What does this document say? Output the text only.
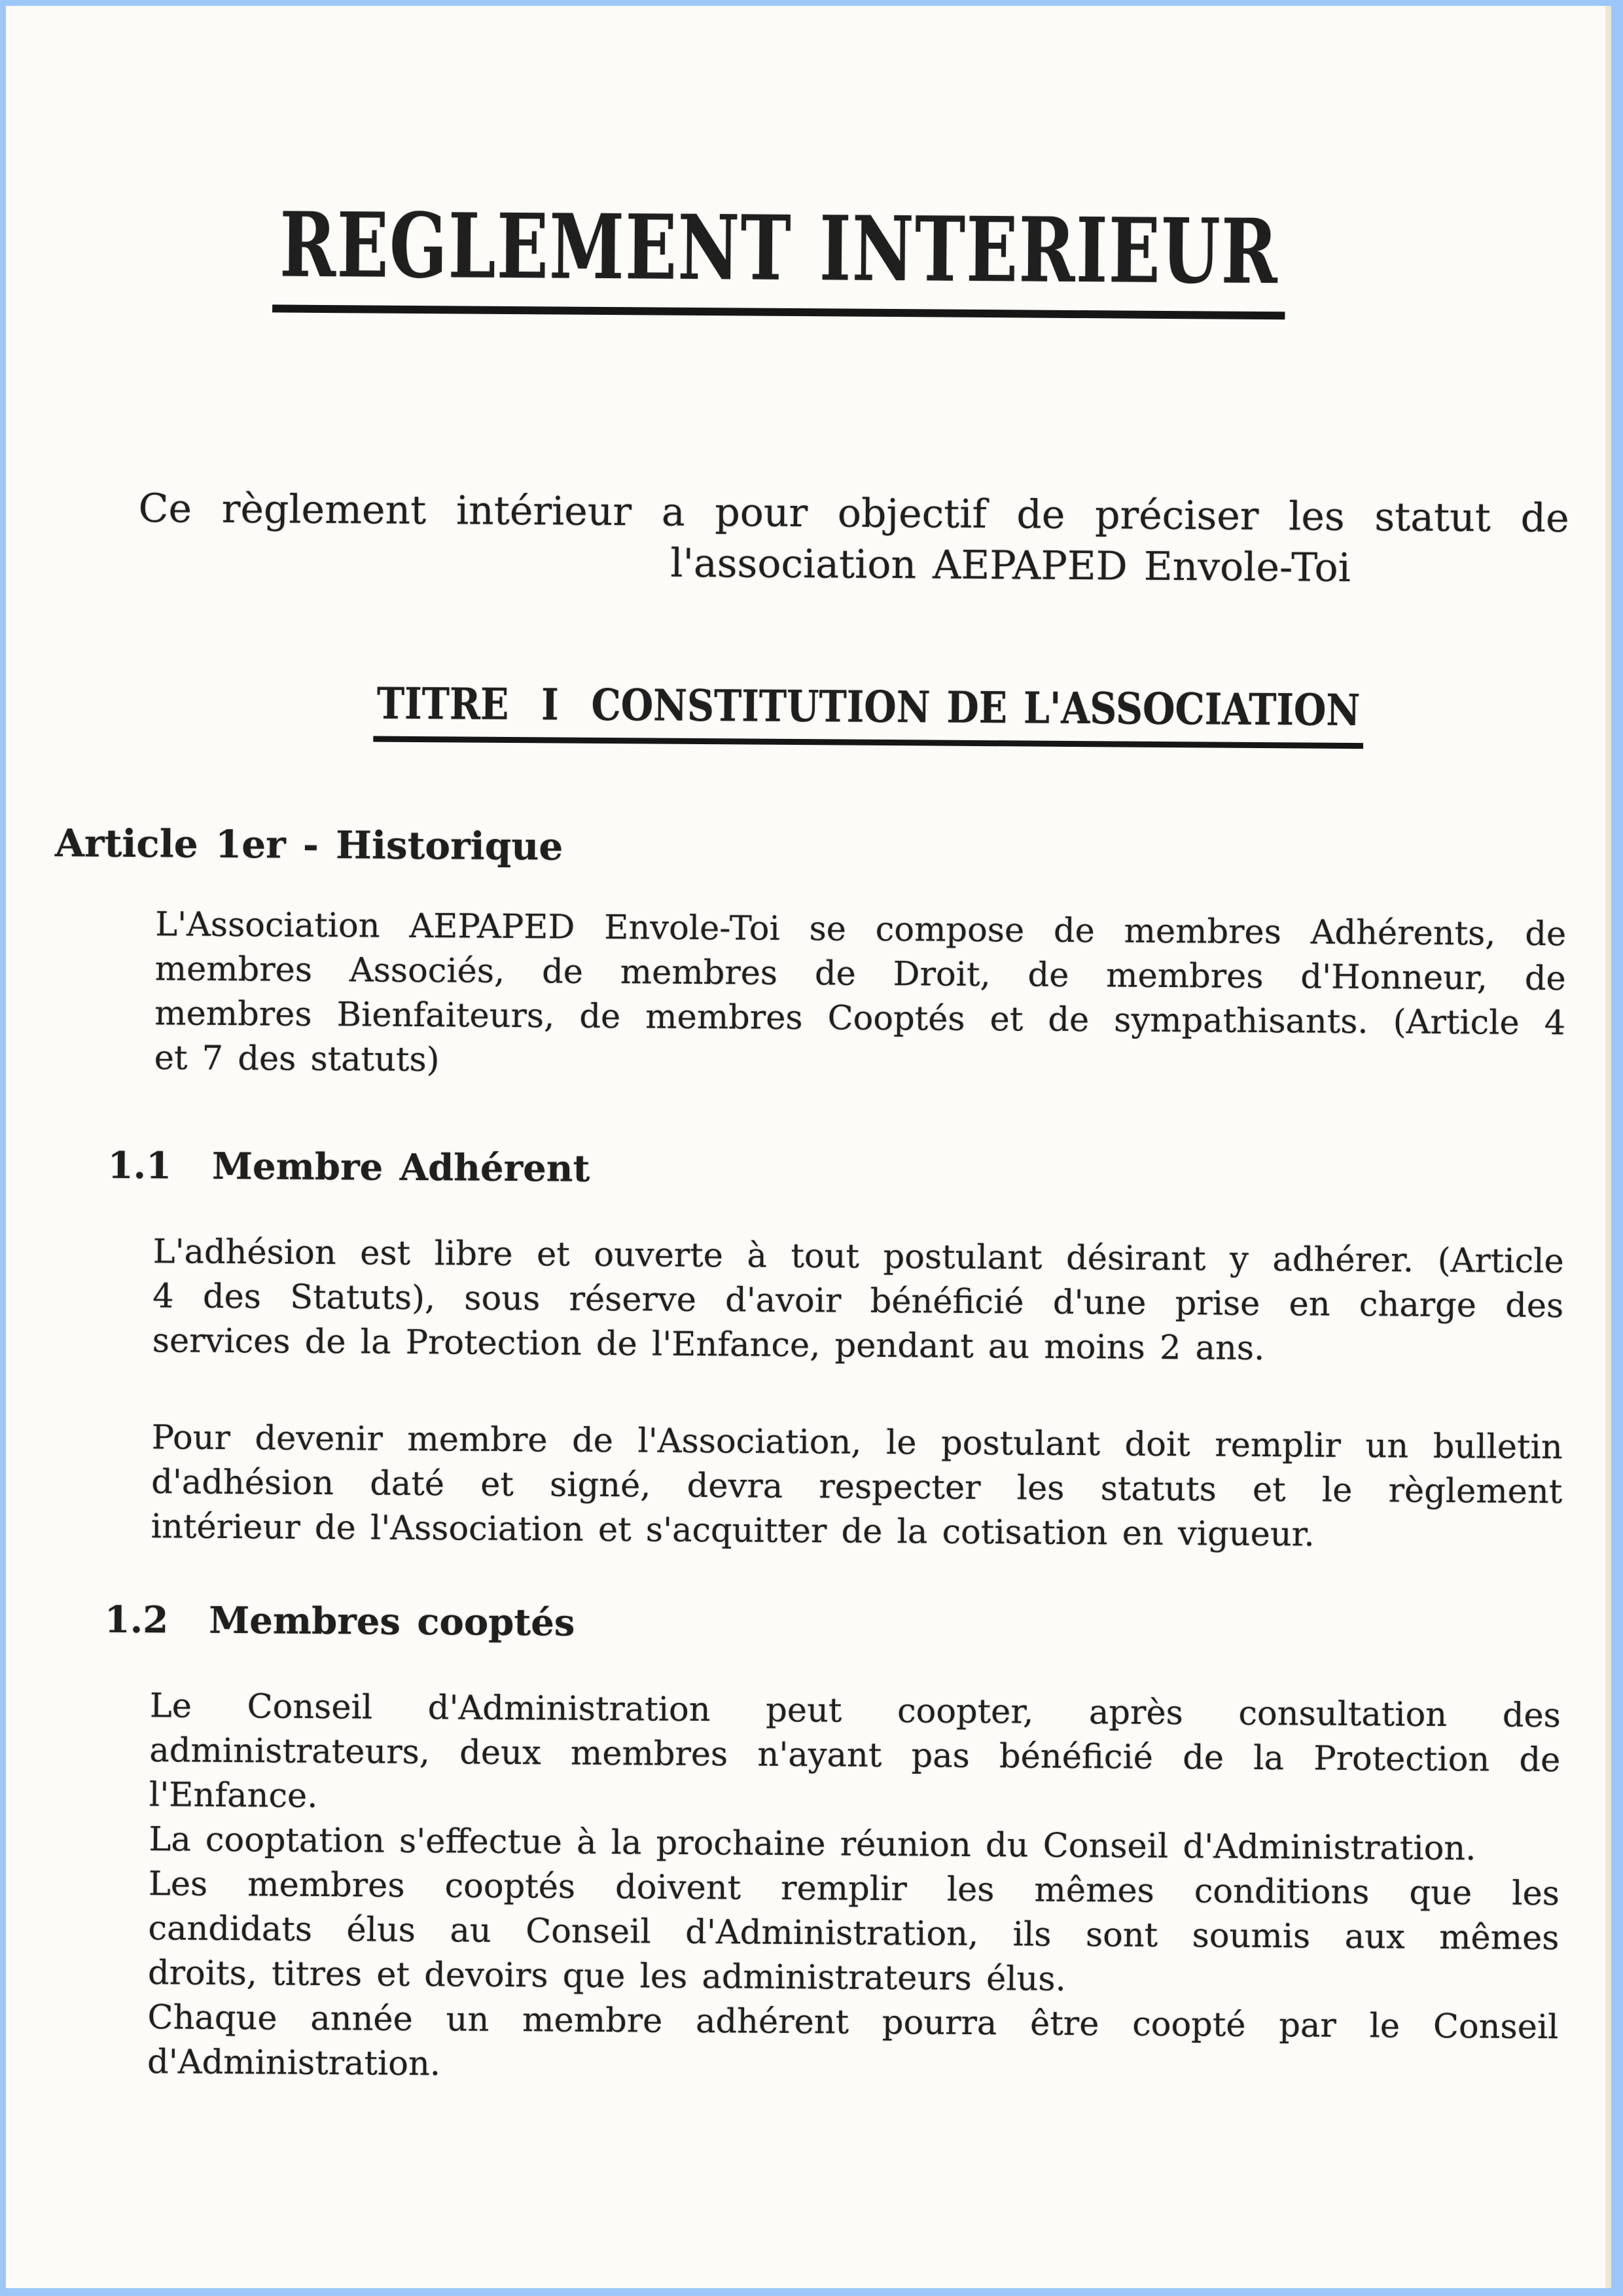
REGLEMENT INTERIEUR
Ce règlement intérieur a pour objectif de préciser les statut de
l'association AEPAPED Envole-Toi
TITRE  I  CONSTITUTION DE L'ASSOCIATION
Article 1er - Historique
L'Association AEPAPED Envole-Toi se compose de membres Adhérents, de
membres Associés, de membres de Droit, de membres d'Honneur, de
membres Bienfaiteurs, de membres Cooptés et de sympathisants. (Article 4
et 7 des statuts)
1.1 Membre Adhérent
L'adhésion est libre et ouverte à tout postulant désirant y adhérer. (Article
4 des Statuts), sous réserve d'avoir bénéficié d'une prise en charge des
services de la Protection de l'Enfance, pendant au moins 2 ans.
Pour devenir membre de l'Association, le postulant doit remplir un bulletin
d'adhésion daté et signé, devra respecter les statuts et le règlement
intérieur de l'Association et s'acquitter de la cotisation en vigueur.
1.2 Membres cooptés
Le Conseil d'Administration peut coopter, après consultation des
administrateurs, deux membres n'ayant pas bénéficié de la Protection de
l'Enfance.
La cooptation s'effectue à la prochaine réunion du Conseil d'Administration.
Les membres cooptés doivent remplir les mêmes conditions que les
candidats élus au Conseil d'Administration, ils sont soumis aux mêmes
droits, titres et devoirs que les administrateurs élus.
Chaque année un membre adhérent pourra être coopté par le Conseil
d'Administration.
